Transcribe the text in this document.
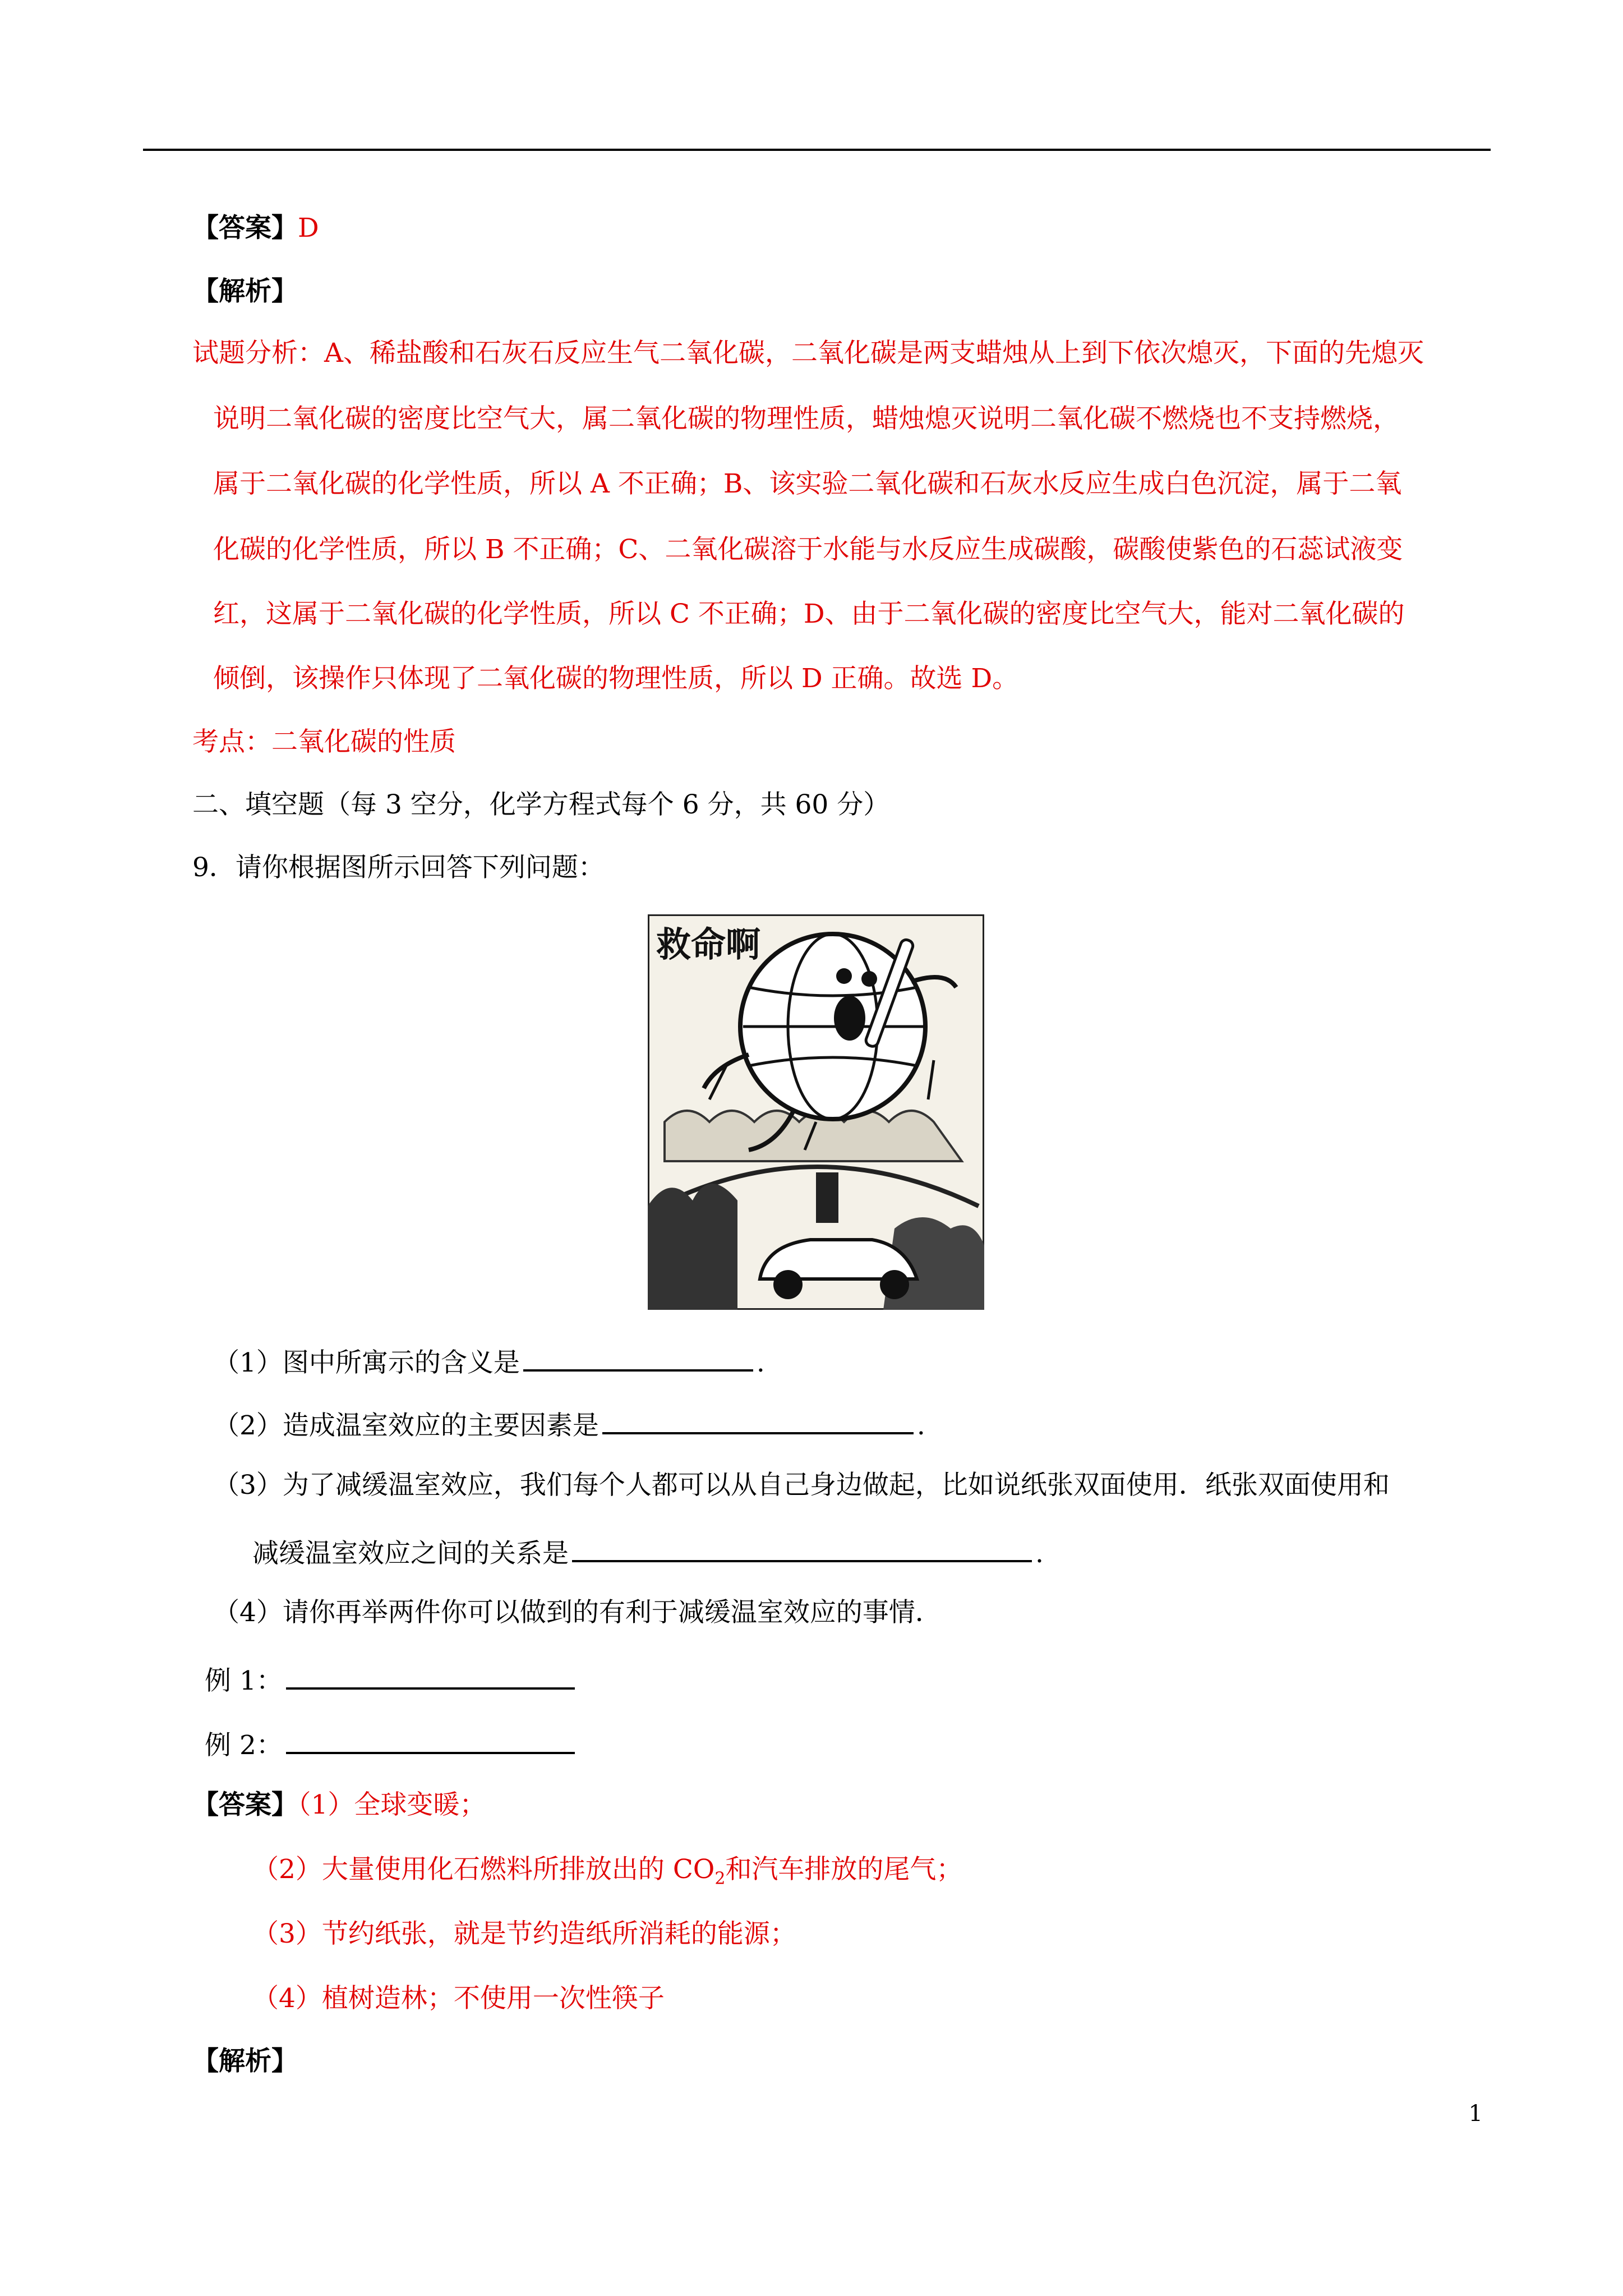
【答案】D
【解析】
试题分析：A、稀盐酸和石灰石反应生气二氧化碳，二氧化碳是两支蜡烛从上到下依次熄灭，下面的先熄灭
说明二氧化碳的密度比空气大，属二氧化碳的物理性质，蜡烛熄灭说明二氧化碳不燃烧也不支持燃烧，
属于二氧化碳的化学性质，所以 A 不正确；B、该实验二氧化碳和石灰水反应生成白色沉淀，属于二氧
化碳的化学性质，所以 B 不正确；C、二氧化碳溶于水能与水反应生成碳酸，碳酸使紫色的石蕊试液变
红，这属于二氧化碳的化学性质，所以 C 不正确；D、由于二氧化碳的密度比空气大，能对二氧化碳的
倾倒，该操作只体现了二氧化碳的物理性质，所以 D 正确。故选 D。
考点：二氧化碳的性质
二、填空题（每 3 空分，化学方程式每个 6 分，共 60 分）
9．请你根据图所示回答下列问题：
救命啊
（1）图中所寓示的含义是	.
（2）造成温室效应的主要因素是	.
（3）为了减缓温室效应，我们每个人都可以从自己身边做起，比如说纸张双面使用．纸张双面使用和
减缓温室效应之间的关系是	.
（4）请你再举两件你可以做到的有利于减缓温室效应的事情．
例 1：
例 2：
【答案】（1）全球变暖；
（2）大量使用化石燃料所排放出的 $CO_2$和汽车排放的尾气；
（3）节约纸张，就是节约造纸所消耗的能源；
（4）植树造林；不使用一次性筷子
【解析】
1
